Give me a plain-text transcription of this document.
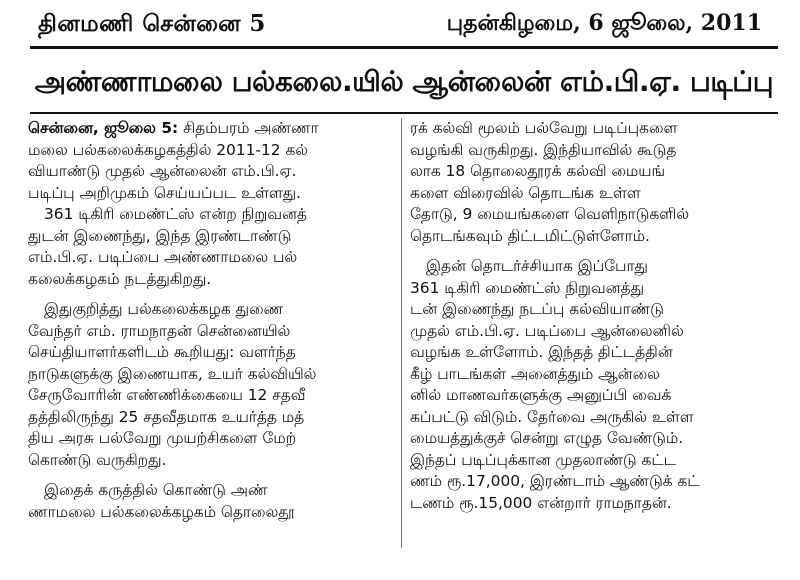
தினமணி சென்னை 5	புதன்கிழமை, 6 ஜூலை, 2011
அண்ணாமலை பல்கலை.யில் ஆன்லைன் எம்.பி.ஏ. படிப்பு
சென்னை, ஜூலை 5: சிதம்பரம் அண்ணா
மலை பல்கலைக்கழகத்தில் 2011-12 கல்
வியாண்டு முதல் ஆன்லைன் எம்.பி.ஏ.
படிப்பு அறிமுகம் செய்யப்பட உள்ளது.
361 டிகிரி மைண்ட்ஸ் என்ற நிறுவனத்
துடன் இணைந்து, இந்த இரண்டாண்டு
எம்.பி.ஏ. படிப்பை அண்ணாமலை பல்
கலைக்கழகம் நடத்துகிறது.
இதுகுறித்து பல்கலைக்கழக துணை
வேந்தர் எம். ராமநாதன் சென்னையில்
செய்தியாளர்களிடம் கூறியது: வளர்ந்த
நாடுகளுக்கு இணையாக, உயர் கல்வியில்
சேருவோரின் எண்ணிக்கையை 12 சதவீ
தத்திலிருந்து 25 சதவீதமாக உயர்த்த மத்
திய அரசு பல்வேறு முயற்சிகளை மேற்
கொண்டு வருகிறது.
இதைக் கருத்தில் கொண்டு அண்
ணாமலை பல்கலைக்கழகம் தொலைதூ
ரக் கல்வி மூலம் பல்வேறு படிப்புகளை
வழங்கி வருகிறது. இந்தியாவில் கூடுத
லாக 18 தொலைதூரக் கல்வி மையங்
களை விரைவில் தொடங்க உள்ள
தோடு, 9 மையங்களை வெளிநாடுகளில்
தொடங்கவும் திட்டமிட்டுள்ளோம்.
இதன் தொடர்ச்சியாக இப்போது
361 டிகிரி மைண்ட்ஸ் நிறுவனத்து
டன் இணைந்து நடப்பு கல்வியாண்டு
முதல் எம்.பி.ஏ. படிப்பை ஆன்லைனில்
வழங்க உள்ளோம். இந்தத் திட்டத்தின்
கீழ் பாடங்கள் அனைத்தும் ஆன்லை
னில் மாணவர்களுக்கு அனுப்பி வைக்
கப்பட்டு விடும். தேர்வை அருகில் உள்ள
மையத்துக்குச் சென்று எழுத வேண்டும்.
இந்தப் படிப்புக்கான முதலாண்டு கட்ட
ணம் ரூ.17,000, இரண்டாம் ஆண்டுக் கட்
டணம் ரூ.15,000 என்றார் ராமநாதன்.
